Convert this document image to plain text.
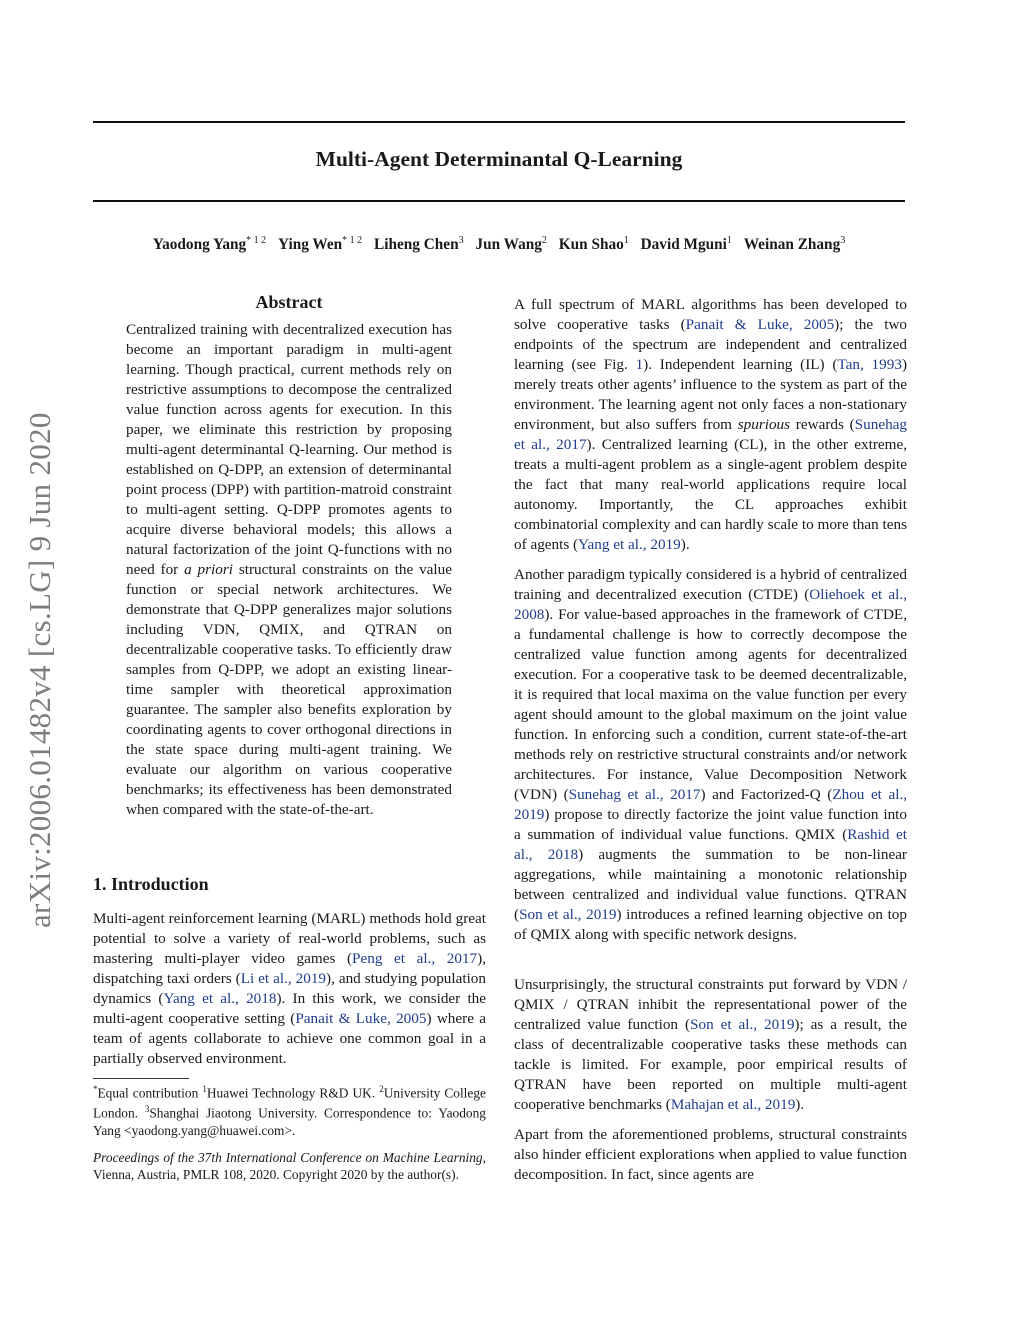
Multi-Agent Determinantal Q-Learning
Yaodong Yang$^{* 1 2}$ Ying Wen$^{* 1 2}$ Liheng Chen$^3$ Jun Wang$^2$ Kun Shao$^1$ David Mguni$^1$ Weinan Zhang$^3$
arXiv:2006.01482v4 [cs.LG] 9 Jun 2020
Abstract
Centralized training with decentralized execution has become an important paradigm in multi-agent learning. Though practical, current methods rely on restrictive assumptions to decompose the centralized value function across agents for execution. In this paper, we eliminate this restriction by proposing multi-agent determinantal Q-learning. Our method is established on Q-DPP, an extension of determinantal point process (DPP) with partition-matroid constraint to multi-agent setting. Q-DPP promotes agents to acquire diverse behavioral models; this allows a natural factorization of the joint Q-functions with no need for a priori structural constraints on the value function or special network architectures. We demonstrate that Q-DPP generalizes major solutions including VDN, QMIX, and QTRAN on decentralizable cooperative tasks. To efficiently draw samples from Q-DPP, we adopt an existing linear-time sampler with theoretical approximation guarantee. The sampler also benefits exploration by coordinating agents to cover orthogonal directions in the state space during multi-agent training. We evaluate our algorithm on various cooperative benchmarks; its effectiveness has been demonstrated when compared with the state-of-the-art.
1. Introduction
Multi-agent reinforcement learning (MARL) methods hold great potential to solve a variety of real-world problems, such as mastering multi-player video games (Peng et al., 2017), dispatching taxi orders (Li et al., 2019), and studying population dynamics (Yang et al., 2018). In this work, we consider the multi-agent cooperative setting (Panait & Luke, 2005) where a team of agents collaborate to achieve one common goal in a partially observed environment.
*Equal contribution $^1$Huawei Technology R&D UK. $^2$University College London. $^3$Shanghai Jiaotong University. Correspondence to: Yaodong Yang <yaodong.yang@huawei.com>.
Proceedings of the 37th International Conference on Machine Learning, Vienna, Austria, PMLR 108, 2020. Copyright 2020 by the author(s).
A full spectrum of MARL algorithms has been developed to solve cooperative tasks (Panait & Luke, 2005); the two endpoints of the spectrum are independent and centralized learning (see Fig. 1). Independent learning (IL) (Tan, 1993) merely treats other agents’ influence to the system as part of the environment. The learning agent not only faces a non-stationary environment, but also suffers from spurious rewards (Sunehag et al., 2017). Centralized learning (CL), in the other extreme, treats a multi-agent problem as a single-agent problem despite the fact that many real-world applications require local autonomy. Importantly, the CL approaches exhibit combinatorial complexity and can hardly scale to more than tens of agents (Yang et al., 2019).
Another paradigm typically considered is a hybrid of centralized training and decentralized execution (CTDE) (Oliehoek et al., 2008). For value-based approaches in the framework of CTDE, a fundamental challenge is how to correctly decompose the centralized value function among agents for decentralized execution. For a cooperative task to be deemed decentralizable, it is required that local maxima on the value function per every agent should amount to the global maximum on the joint value function. In enforcing such a condition, current state-of-the-art methods rely on restrictive structural constraints and/or network architectures. For instance, Value Decomposition Network (VDN) (Sunehag et al., 2017) and Factorized-Q (Zhou et al., 2019) propose to directly factorize the joint value function into a summation of individual value functions. QMIX (Rashid et al., 2018) augments the summation to be non-linear aggregations, while maintaining a monotonic relationship between centralized and individual value functions. QTRAN (Son et al., 2019) introduces a refined learning objective on top of QMIX along with specific network designs.
Unsurprisingly, the structural constraints put forward by VDN / QMIX / QTRAN inhibit the representational power of the centralized value function (Son et al., 2019); as a result, the class of decentralizable cooperative tasks these methods can tackle is limited. For example, poor empirical results of QTRAN have been reported on multiple multi-agent cooperative benchmarks (Mahajan et al., 2019).
Apart from the aforementioned problems, structural constraints also hinder efficient explorations when applied to value function decomposition. In fact, since agents are
